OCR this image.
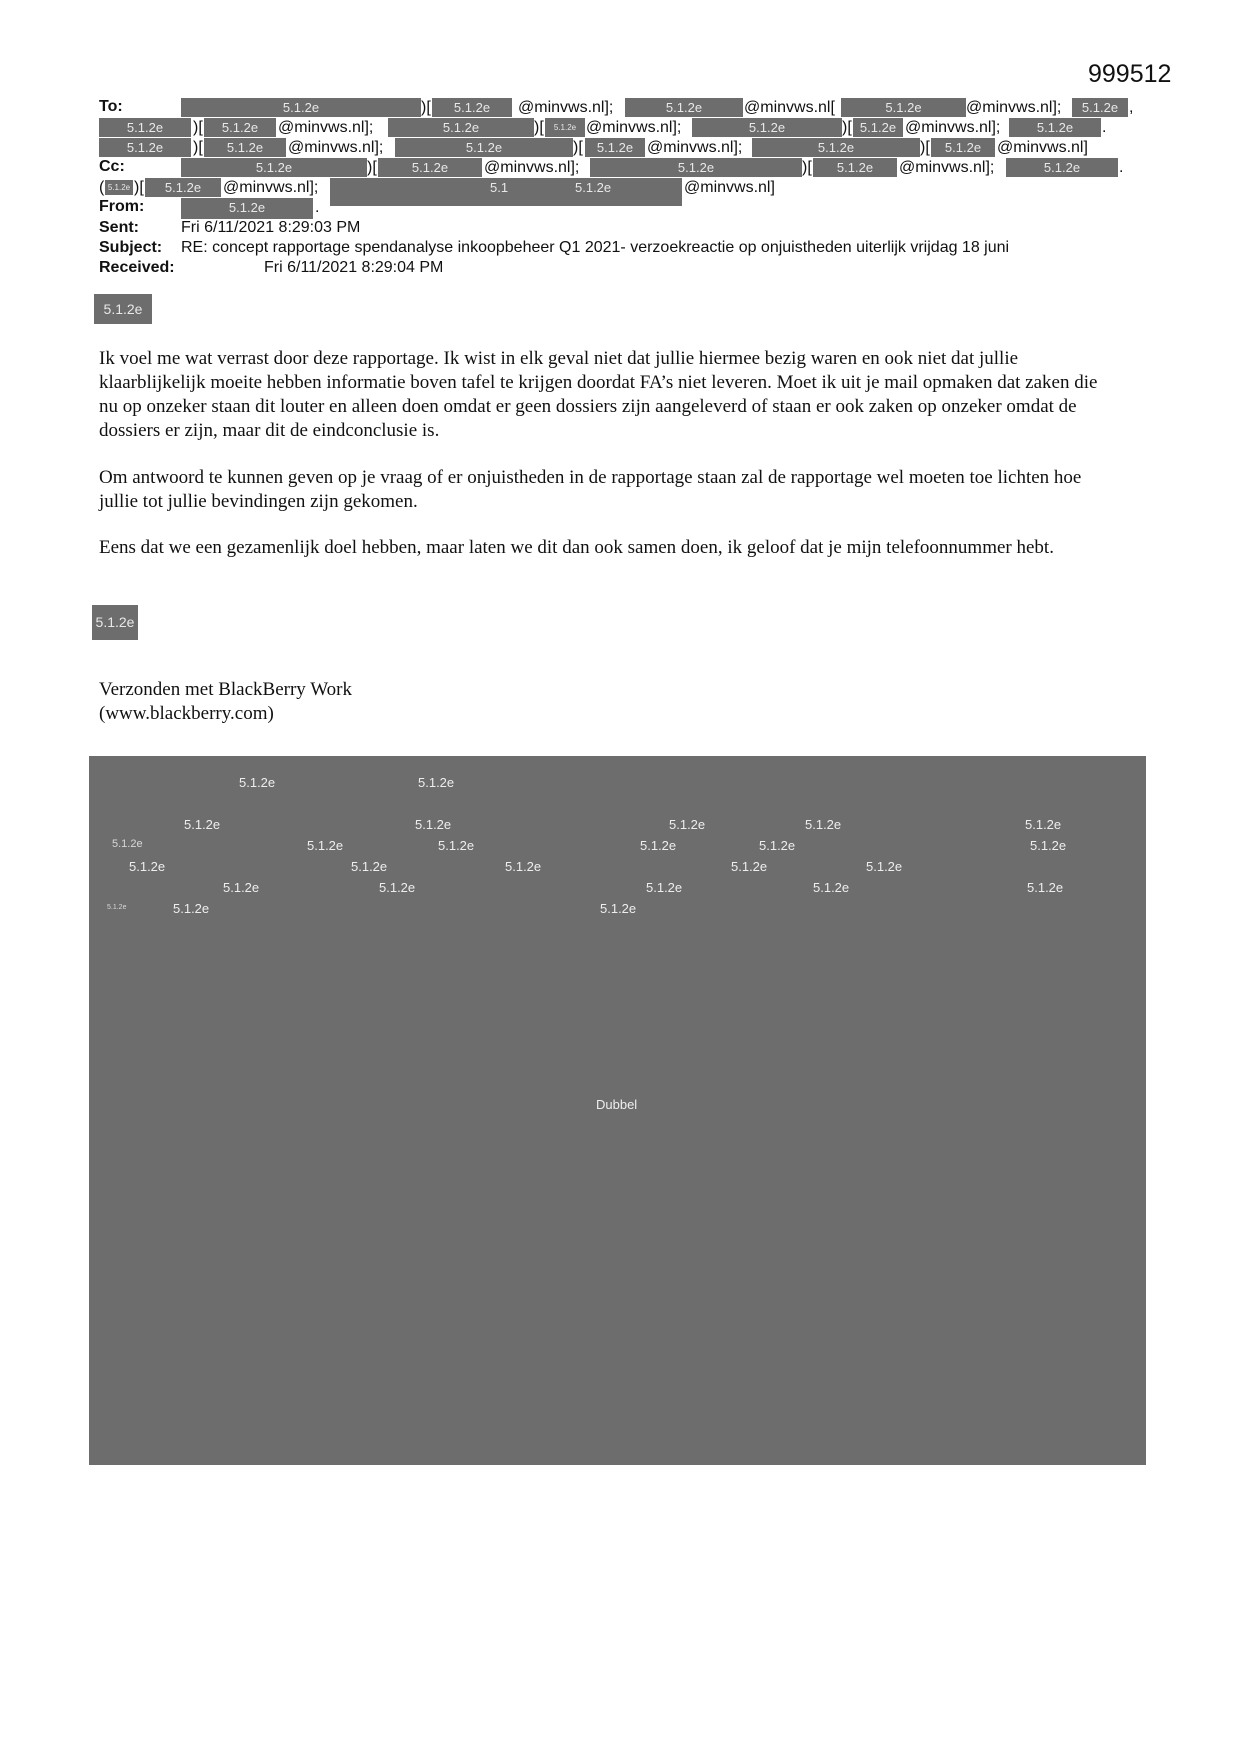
999512
To:	5.1.2e	)[	5.1.2e	@minvws.nl];	5.1.2e	@minvws.nl[	5.1.2e	@minvws.nl];	5.1.2e ,
5.1.2e	)[	5.1.2e	@minvws.nl];	5.1.2e	)[	5.1.2e @minvws.nl];	5.1.2e	)[ 5.1.2e @minvws.nl];	5.1.2e	.
5.1.2e	)[	5.1.2e	@minvws.nl];	5.1.2e	)[	5.1.2e @minvws.nl];	5.1.2e	)[	5.1.2e @minvws.nl]
Cc:	5.1.2e	)[	5.1.2e	@minvws.nl];	5.1.2e	)[	5.1.2e	@minvws.nl];	5.1.2e	.
( 5.1.2e )[	5.1.2e	@minvws.nl];	5.1	5.1.2e	@minvws.nl]
From:	5.1.2e	.
Sent:	Fri 6/11/2021 8:29:03 PM
Subject: RE: concept rapportage spendanalyse inkoopbeheer Q1 2021- verzoekreactie op onjuistheden uiterlijk vrijdag 18 juni
Received:	Fri 6/11/2021 8:29:04 PM
5.1.2e
Ik voel me wat verrast door deze rapportage. Ik wist in elk geval niet dat jullie hiermee bezig waren en ook niet dat jullie klaarblijkelijk moeite hebben informatie boven tafel te krijgen doordat FA’s niet leveren. Moet ik uit je mail opmaken dat zaken die nu op onzeker staan dit louter en alleen doen omdat er geen dossiers zijn aangeleverd of staan er ook zaken op onzeker omdat de dossiers er zijn, maar dit de eindconclusie is.
Om antwoord te kunnen geven op je vraag of er onjuistheden in de rapportage staan zal de rapportage wel moeten toe lichten hoe jullie tot jullie bevindingen zijn gekomen.
Eens dat we een gezamenlijk doel hebben, maar laten we dit dan ook samen doen, ik geloof dat je mijn telefoonnummer hebt.
5.1.2e
Verzonden met BlackBerry Work
(www.blackberry.com)
5.1.2e	5.1.2e
5.1.2e	5.1.2e	5.1.2e	5.1.2e	5.1.2e
5.1.2e	5.1.2e	5.1.2e	5.1.2e	5.1.2e	5.1.2e
5.1.2e	5.1.2e	5.1.2e	5.1.2e	5.1.2e
5.1.2e	5.1.2e	5.1.2e	5.1.2e	5.1.2e
5.1.2e	5.1.2e	5.1.2e
Dubbel
